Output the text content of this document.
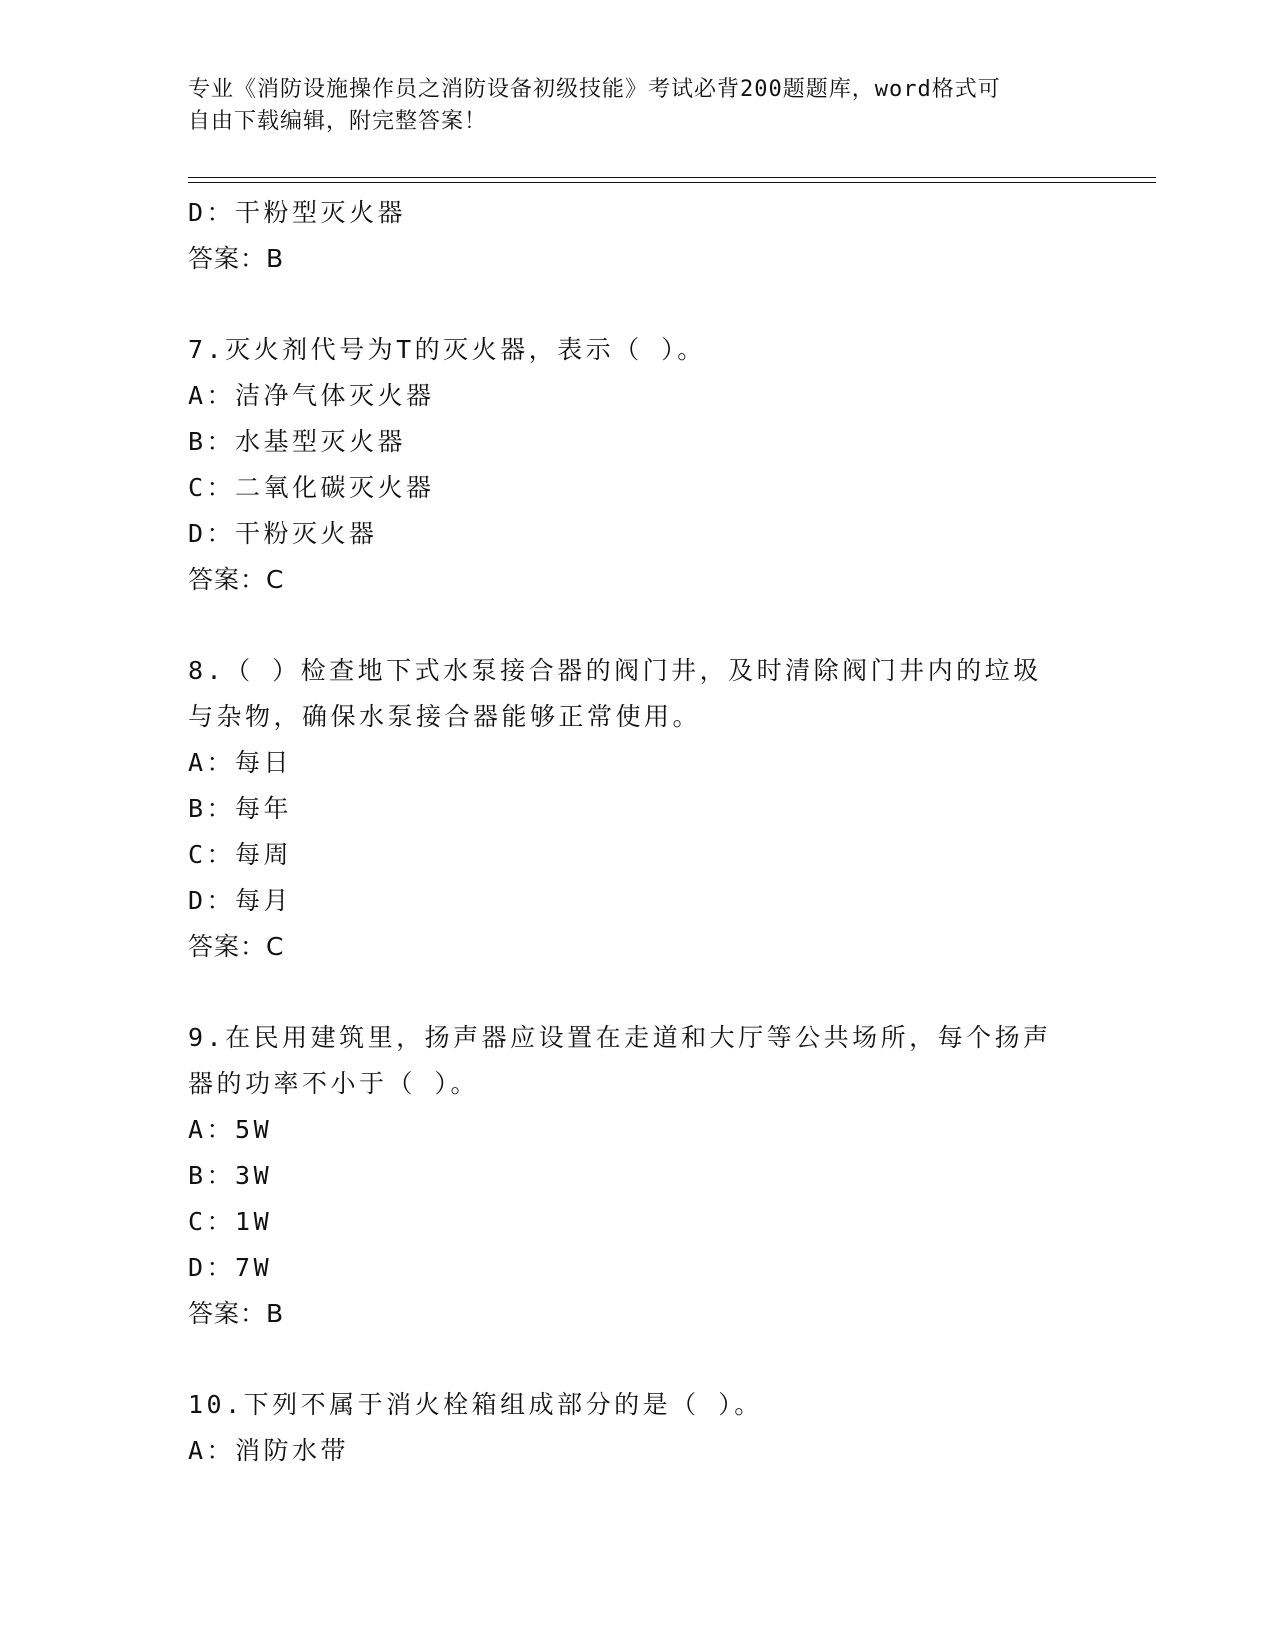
专业《消防设施操作员之消防设备初级技能》考试必背200题题库，word格式可
自由下载编辑，附完整答案！
D：干粉型灭火器
答案：B
7.灭火剂代号为T的灭火器，表示（ ）。
A：洁净气体灭火器
B：水基型灭火器
C：二氧化碳灭火器
D：干粉灭火器
答案：C
8.（ ）检查地下式水泵接合器的阀门井，及时清除阀门井内的垃圾与杂物，确保水泵接合器能够正常使用。
A：每日
B：每年
C：每周
D：每月
答案：C
9.在民用建筑里，扬声器应设置在走道和大厅等公共场所，每个扬声器的功率不小于（ ）。
A：5W
B：3W
C：1W
D：7W
答案：B
10.下列不属于消火栓箱组成部分的是（ ）。
A：消防水带
